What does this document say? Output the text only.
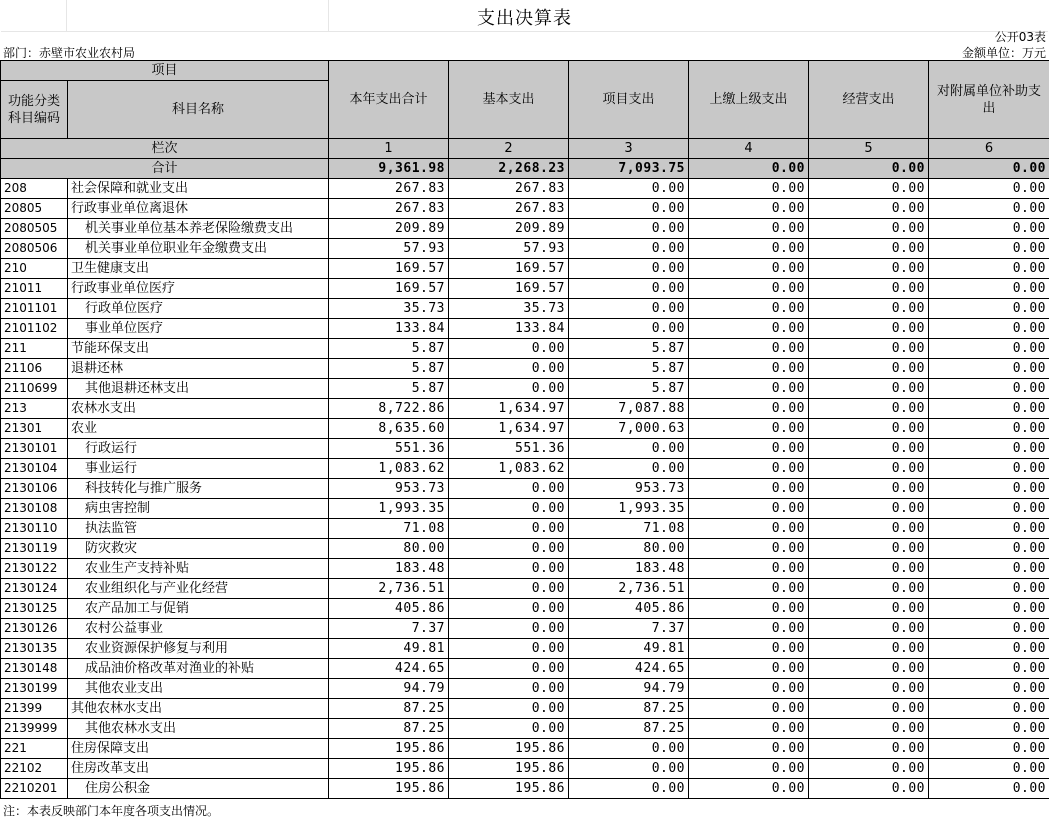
支出决算表
公开03表
部门：赤壁市农业农村局	金额单位：万元
项目		本年支出合计	基本支出	项目支出	上缴上级支出	经营支出	对附属单位补助支出
功能分类科目编码	科目名称						
栏次		1	2	3	4	5	6
合计		9,361.98	2,268.23	7,093.75	0.00	0.00	0.00
208	社会保障和就业支出	267.83	267.83	0.00	0.00	0.00	0.00
20805	行政事业单位离退休	267.83	267.83	0.00	0.00	0.00	0.00
2080505	机关事业单位基本养老保险缴费支出	209.89	209.89	0.00	0.00	0.00	0.00
2080506	机关事业单位职业年金缴费支出	57.93	57.93	0.00	0.00	0.00	0.00
210	卫生健康支出	169.57	169.57	0.00	0.00	0.00	0.00
21011	行政事业单位医疗	169.57	169.57	0.00	0.00	0.00	0.00
2101101	行政单位医疗	35.73	35.73	0.00	0.00	0.00	0.00
2101102	事业单位医疗	133.84	133.84	0.00	0.00	0.00	0.00
211	节能环保支出	5.87	0.00	5.87	0.00	0.00	0.00
21106	退耕还林	5.87	0.00	5.87	0.00	0.00	0.00
2110699	其他退耕还林支出	5.87	0.00	5.87	0.00	0.00	0.00
213	农林水支出	8,722.86	1,634.97	7,087.88	0.00	0.00	0.00
21301	农业	8,635.60	1,634.97	7,000.63	0.00	0.00	0.00
2130101	行政运行	551.36	551.36	0.00	0.00	0.00	0.00
2130104	事业运行	1,083.62	1,083.62	0.00	0.00	0.00	0.00
2130106	科技转化与推广服务	953.73	0.00	953.73	0.00	0.00	0.00
2130108	病虫害控制	1,993.35	0.00	1,993.35	0.00	0.00	0.00
2130110	执法监管	71.08	0.00	71.08	0.00	0.00	0.00
2130119	防灾救灾	80.00	0.00	80.00	0.00	0.00	0.00
2130122	农业生产支持补贴	183.48	0.00	183.48	0.00	0.00	0.00
2130124	农业组织化与产业化经营	2,736.51	0.00	2,736.51	0.00	0.00	0.00
2130125	农产品加工与促销	405.86	0.00	405.86	0.00	0.00	0.00
2130126	农村公益事业	7.37	0.00	7.37	0.00	0.00	0.00
2130135	农业资源保护修复与利用	49.81	0.00	49.81	0.00	0.00	0.00
2130148	成品油价格改革对渔业的补贴	424.65	0.00	424.65	0.00	0.00	0.00
2130199	其他农业支出	94.79	0.00	94.79	0.00	0.00	0.00
21399	其他农林水支出	87.25	0.00	87.25	0.00	0.00	0.00
2139999	其他农林水支出	87.25	0.00	87.25	0.00	0.00	0.00
221	住房保障支出	195.86	195.86	0.00	0.00	0.00	0.00
22102	住房改革支出	195.86	195.86	0.00	0.00	0.00	0.00
2210201	住房公积金	195.86	195.86	0.00	0.00	0.00	0.00
注：本表反映部门本年度各项支出情况。
